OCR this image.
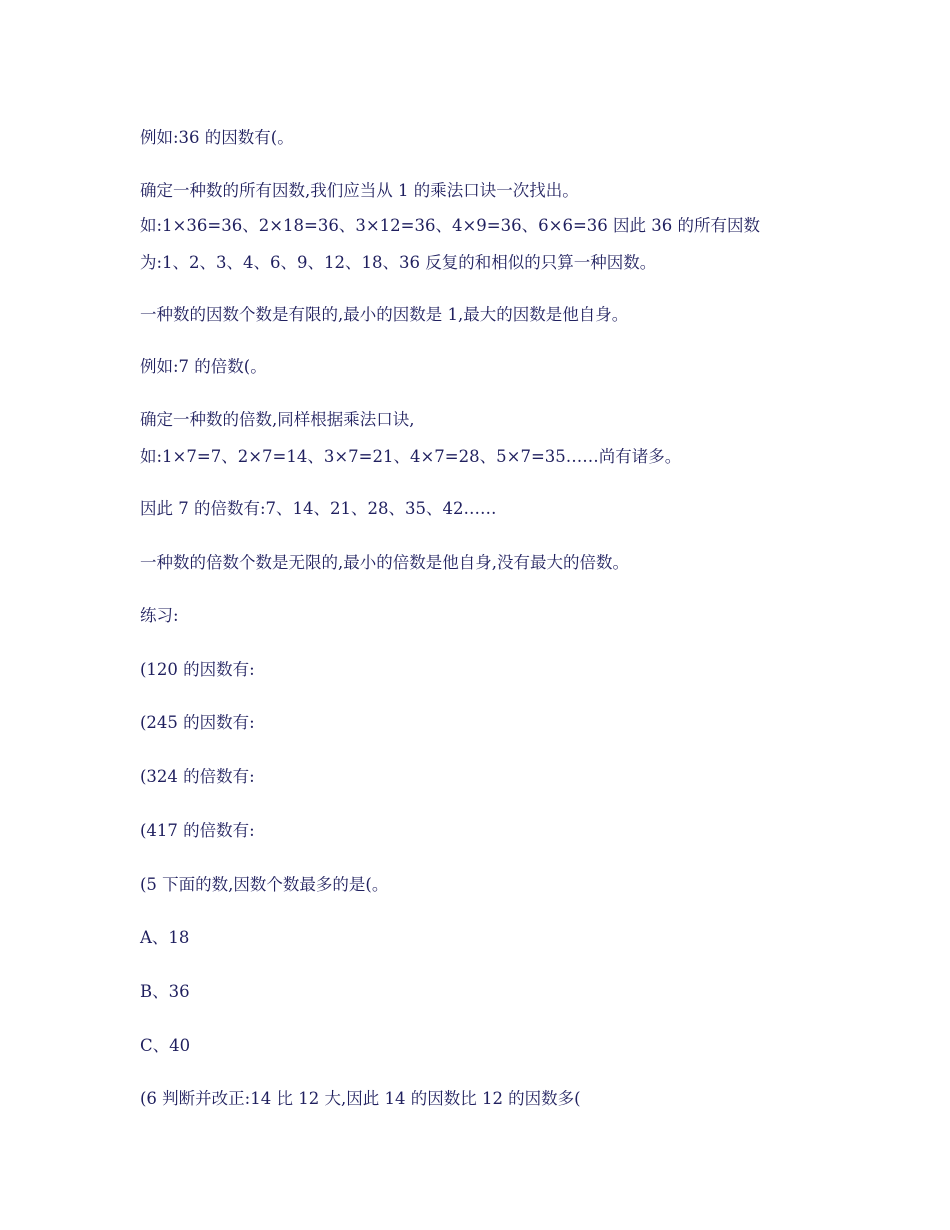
例如:36 的因数有(。
确定一种数的所有因数,我们应当从 1 的乘法口诀一次找出。
如:1×36=36、2×18=36、3×12=36、4×9=36、6×6=36 因此 36 的所有因数
为:1、2、3、4、6、9、12、18、36 反复的和相似的只算一种因数。
一种数的因数个数是有限的,最小的因数是 1,最大的因数是他自身。
例如:7 的倍数(。
确定一种数的倍数,同样根据乘法口诀,
如:1×7=7、2×7=14、3×7=21、4×7=28、5×7=35……尚有诸多。
因此 7 的倍数有:7、14、21、28、35、42……
一种数的倍数个数是无限的,最小的倍数是他自身,没有最大的倍数。
练习:
(120 的因数有:
(245 的因数有:
(324 的倍数有:
(417 的倍数有:
(5 下面的数,因数个数最多的是(。
A、18
B、36
C、40
(6 判断并改正:14 比 12 大,因此 14 的因数比 12 的因数多(
